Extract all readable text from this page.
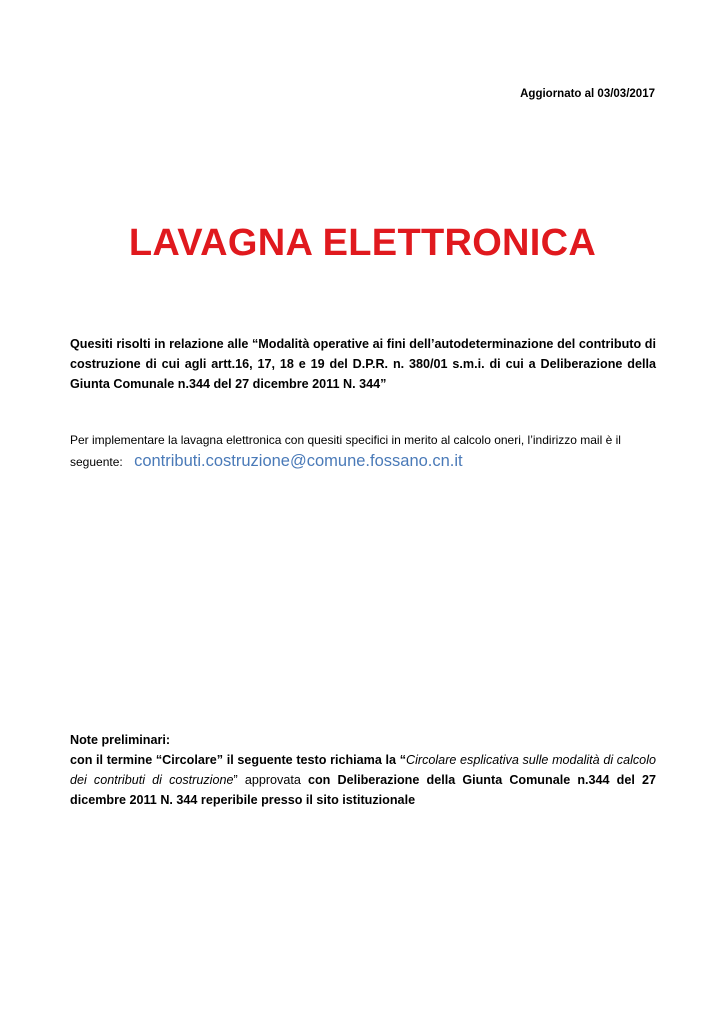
Aggiornato al 03/03/2017
LAVAGNA ELETTRONICA
Quesiti risolti in relazione alle “Modalità operative ai fini dell’autodeterminazione del contributo di costruzione di cui agli artt.16, 17, 18 e 19 del D.P.R. n. 380/01 s.m.i. di cui a Deliberazione della Giunta Comunale n.344 del 27 dicembre 2011 N. 344”
Per implementare la lavagna elettronica con quesiti specifici in merito al calcolo oneri, l’indirizzo mail è il
seguente: contributi.costruzione@comune.fossano.cn.it
Note preliminari:
con il termine “Circolare” il seguente testo richiama la “Circolare esplicativa sulle modalità di calcolo dei contributi di costruzione” approvata con Deliberazione della Giunta Comunale n.344 del 27 dicembre 2011 N. 344 reperibile presso il sito istituzionale
